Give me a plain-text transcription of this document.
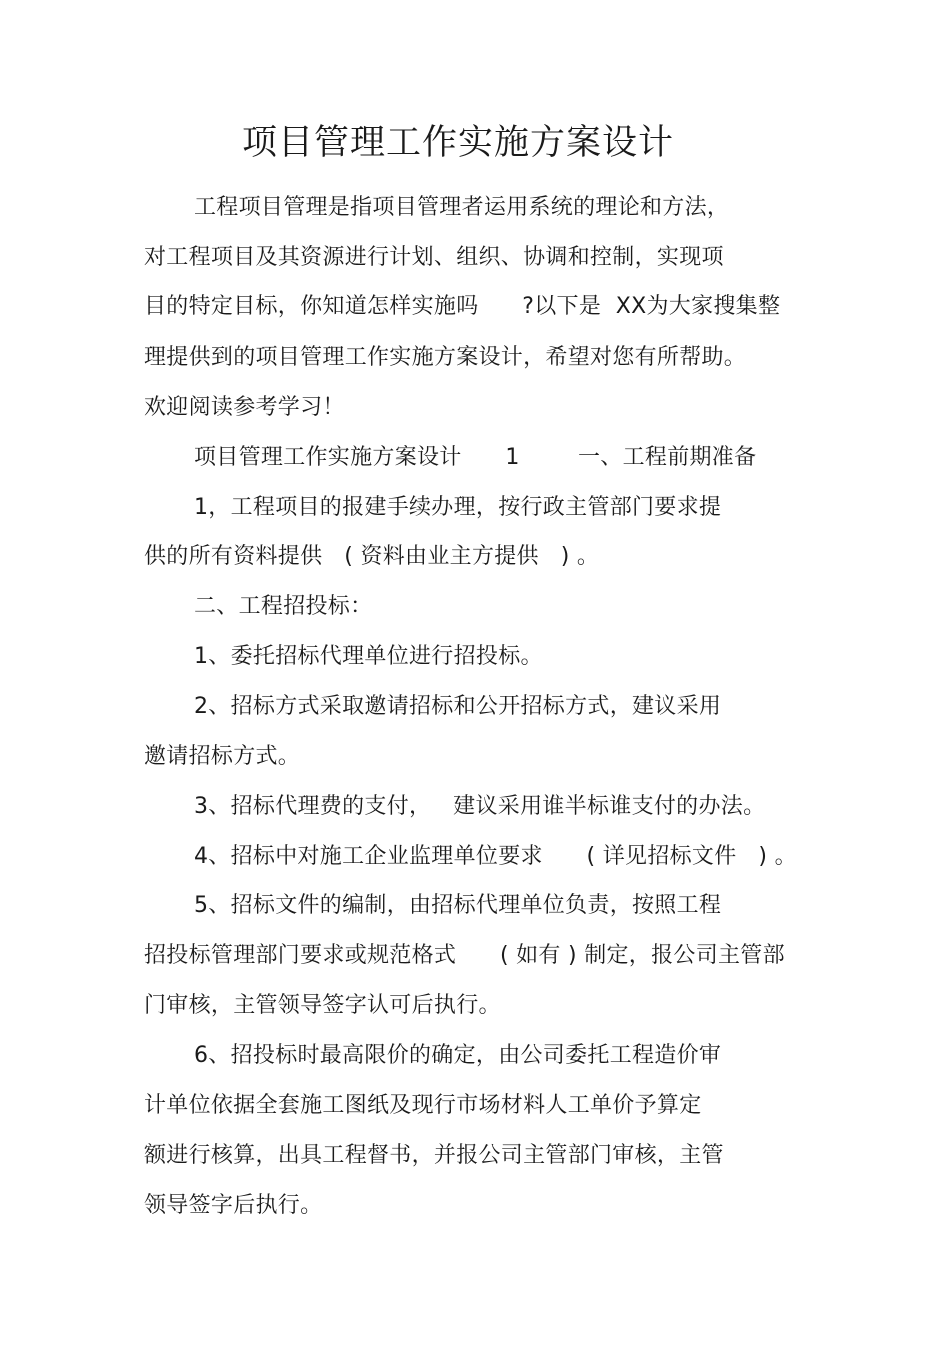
项目管理工作实施方案设计
工程项目管理是指项目管理者运用系统的理论和方法，
对工程项目及其资源进行计划、组织、协调和控制，实现项
目的特定目标，你知道怎样实施吗      ?以下是  XX为大家搜集整
理提供到的项目管理工作实施方案设计，希望对您有所帮助。
欢迎阅读参考学习！
项目管理工作实施方案设计      1        一、工程前期准备
1，工程项目的报建手续办理，按行政主管部门要求提
供的所有资料提供   ( 资料由业主方提供   ) 。
二、工程招投标：
1、委托招标代理单位进行招投标。
2、招标方式采取邀请招标和公开招标方式，建议采用
邀请招标方式。
3、招标代理费的支付，   建议采用谁半标谁支付的办法。
4、招标中对施工企业监理单位要求      ( 详见招标文件   ) 。
5、招标文件的编制，由招标代理单位负责，按照工程
招投标管理部门要求或规范格式      ( 如有 ) 制定，报公司主管部
门审核，主管领导签字认可后执行。
6、招投标时最高限价的确定，由公司委托工程造价审
计单位依据全套施工图纸及现行市场材料人工单价予算定
额进行核算，出具工程督书，并报公司主管部门审核，主管
领导签字后执行。
